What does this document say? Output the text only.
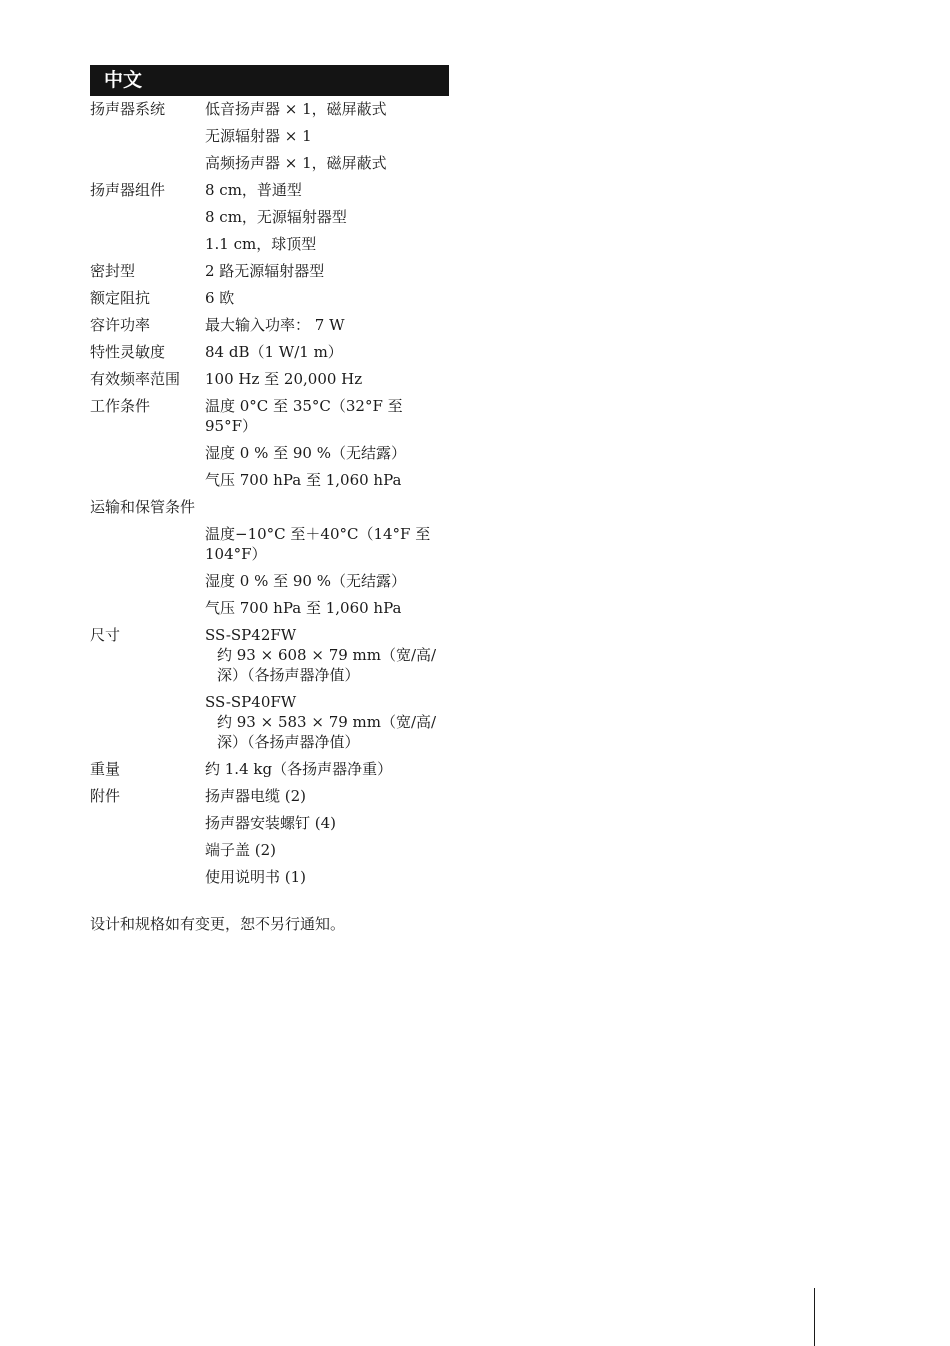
中文
扬声器系统	低音扬声器 × 1，磁屏蔽式
无源辐射器 × 1
高频扬声器 × 1，磁屏蔽式
扬声器组件	8 cm，普通型
8 cm，无源辐射器型
1.1 cm，球顶型
密封型	2 路无源辐射器型
额定阻抗	6 欧
容许功率	最大输入功率： 7 W
特性灵敏度	84 dB（1 W/1 m）
有效频率范围	100 Hz 至 20,000 Hz
工作条件	温度 0°C 至 35°C（32°F 至
95°F）
湿度 0 % 至 90 %（无结露）
气压 700 hPa 至 1,060 hPa
运输和保管条件
温度−10°C 至＋40°C（14°F 至
104°F）
湿度 0 % 至 90 %（无结露）
气压 700 hPa 至 1,060 hPa
尺寸	SS-SP42FW
约 93 × 608 × 79 mm（宽/高/
深）（各扬声器净值）
SS-SP40FW
约 93 × 583 × 79 mm（宽/高/
深）（各扬声器净值）
重量	约 1.4 kg（各扬声器净重）
附件	扬声器电缆 (2)
扬声器安装螺钉 (4)
端子盖 (2)
使用说明书 (1)
设计和规格如有变更，恕不另行通知。
